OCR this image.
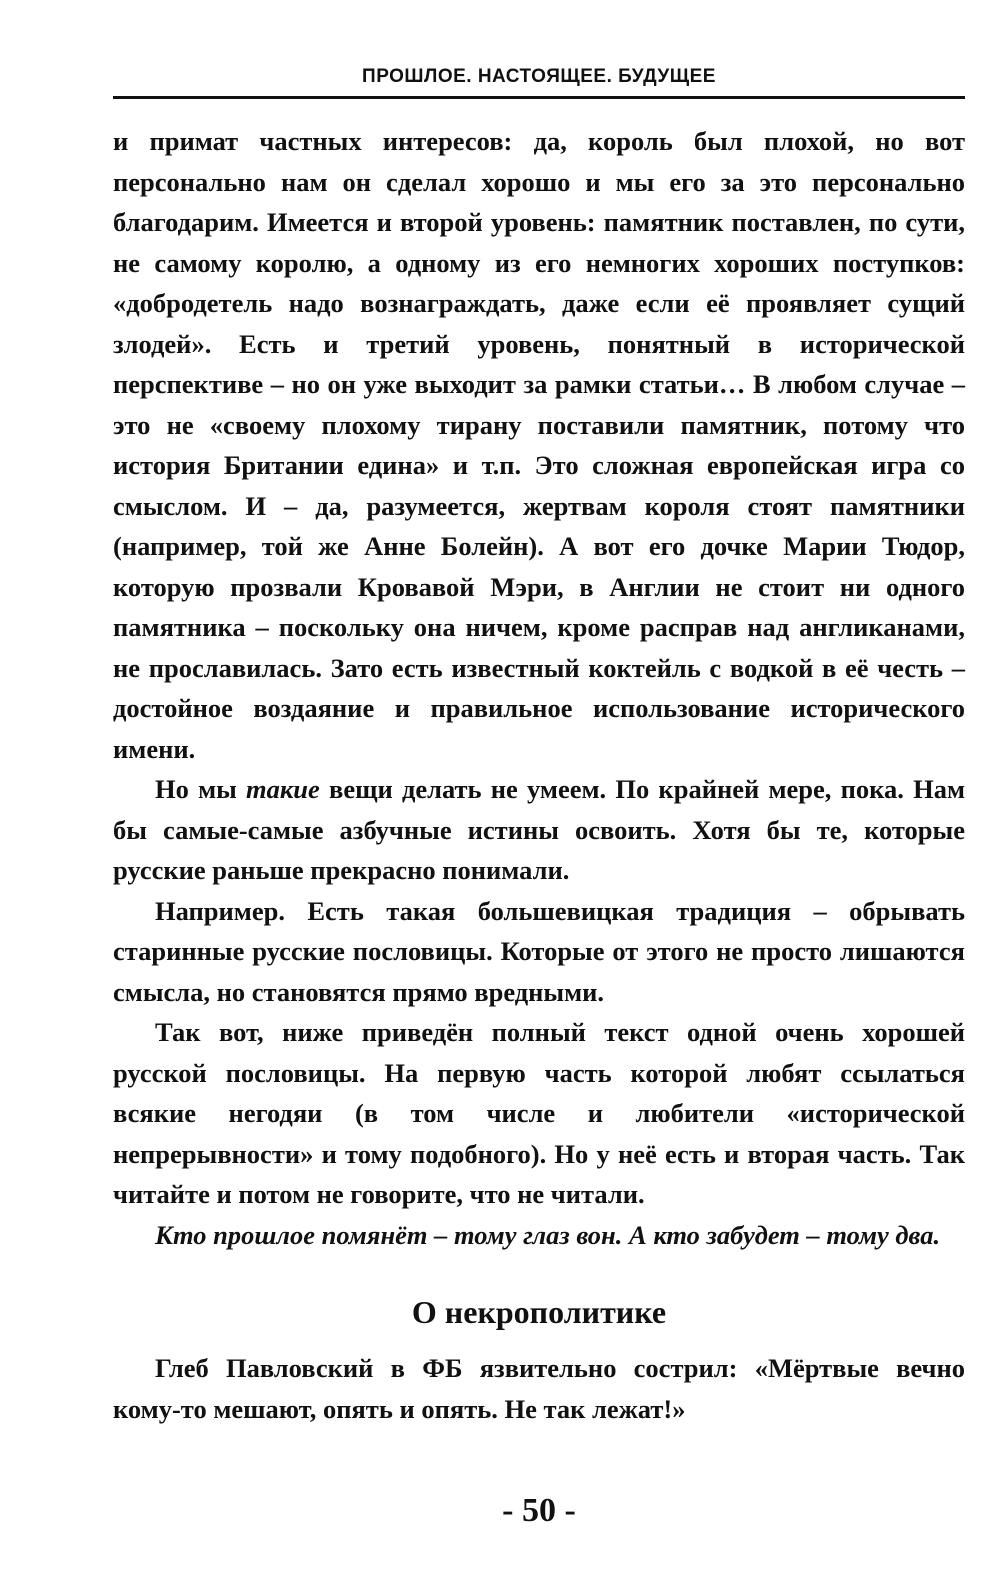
ПРОШЛОЕ. НАСТОЯЩЕЕ. БУДУЩЕЕ

и примат частных интересов: да, король был плохой, но вот персонально нам он сделал хорошо и мы его за это персонально благодарим. Имеется и второй уровень: памятник поставлен, по сути, не самому королю, а одному из его немногих хороших поступков: «добродетель надо вознаграждать, даже если её проявляет сущий злодей». Есть и третий уровень, понятный в исторической перспективе – но он уже выходит за рамки статьи… В любом случае – это не «своему плохому тирану поставили памятник, потому что история Британии едина» и т.п. Это сложная европейская игра со смыслом. И – да, разумеется, жертвам короля стоят памятники (например, той же Анне Болейн). А вот его дочке Марии Тюдор, которую прозвали Кровавой Мэри, в Англии не стоит ни одного памятника – поскольку она ничем, кроме расправ над англиканами, не прославилась. Зато есть известный коктейль с водкой в её честь – достойное воздаяние и правильное использование исторического имени.

Но мы такие вещи делать не умеем. По крайней мере, пока. Нам бы самые-самые азбучные истины освоить. Хотя бы те, которые русские раньше прекрасно понимали.

Например. Есть такая большевицкая традиция – обрывать старинные русские пословицы. Которые от этого не просто лишаются смысла, но становятся прямо вредными.

Так вот, ниже приведён полный текст одной очень хорошей русской пословицы. На первую часть которой любят ссылаться всякие негодяи (в том числе и любители «исторической непрерывности» и тому подобного). Но у неё есть и вторая часть. Так читайте и потом не говорите, что не читали.

Кто прошлое помянёт – тому глаз вон. А кто забудет – тому два.

О некрополитике

Глеб Павловский в ФБ язвительно сострил: «Мёртвые вечно кому-то мешают, опять и опять. Не так лежат!»

- 50 -
